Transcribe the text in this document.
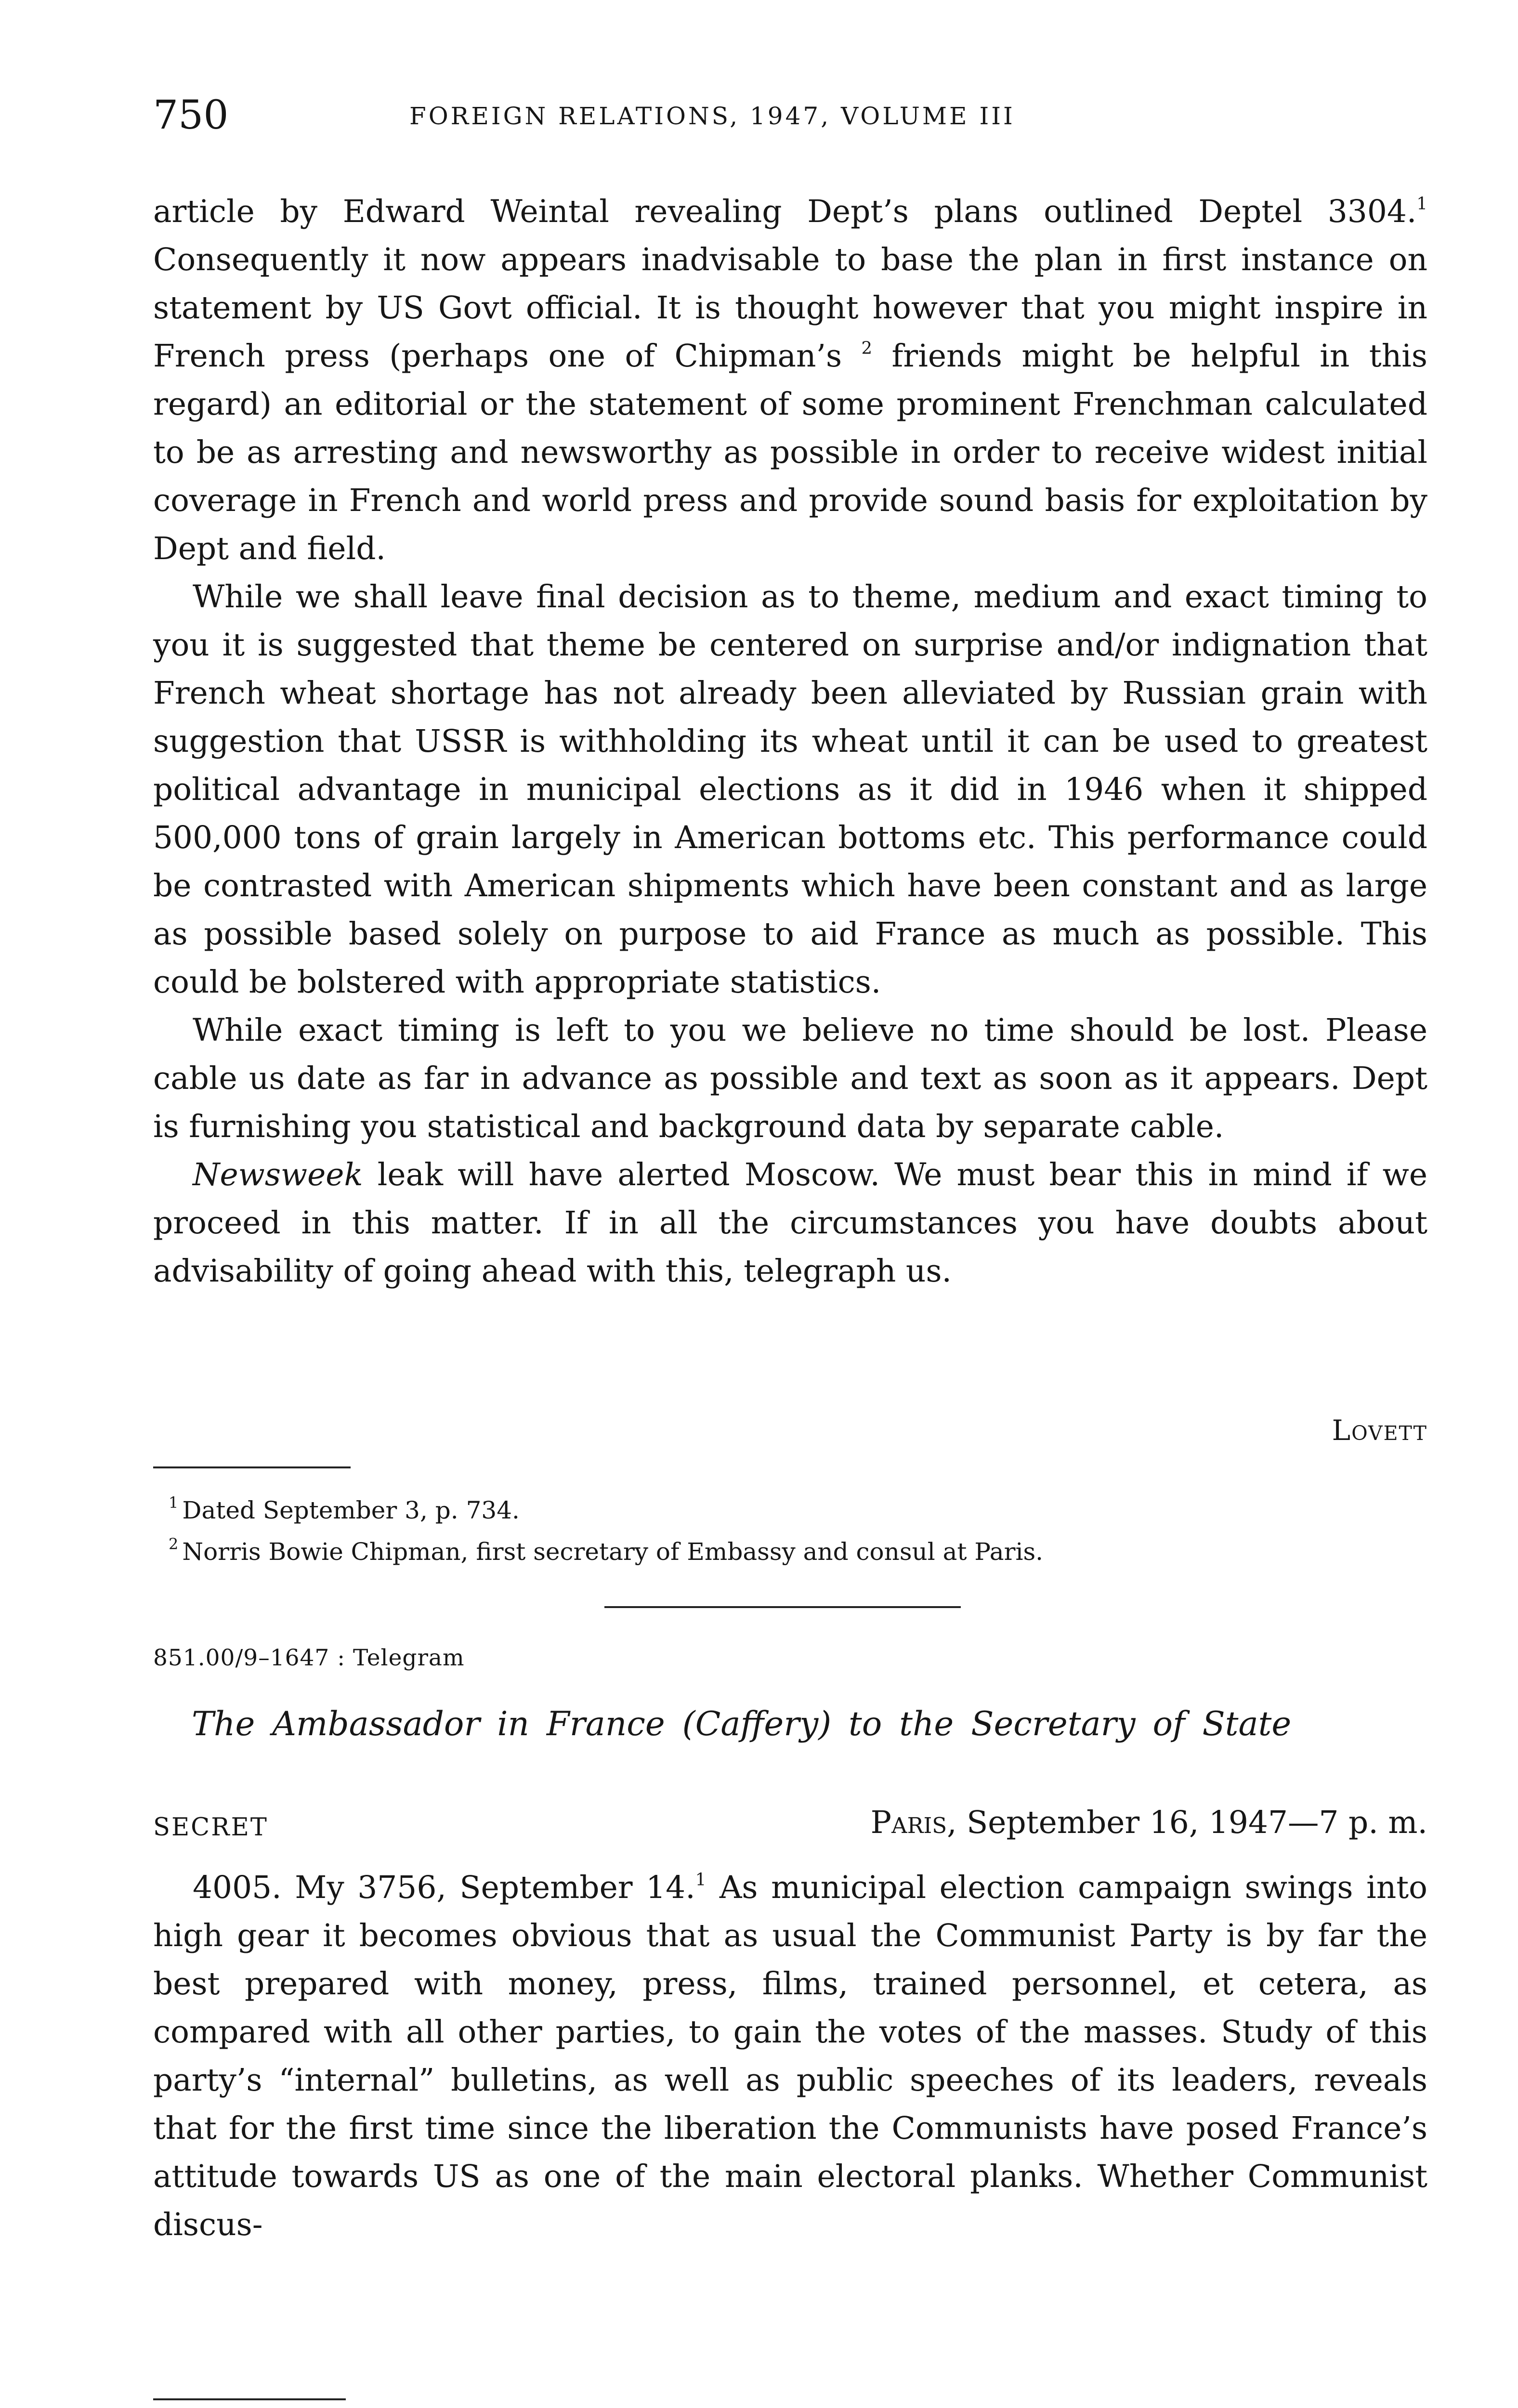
750	FOREIGN RELATIONS, 1947, VOLUME III

article by Edward Weintal revealing Dept’s plans outlined Deptel 3304.$^1$ Consequently it now appears inadvisable to base the plan in first instance on statement by US Govt official. It is thought however that you might inspire in French press (perhaps one of Chipman’s $^2$ friends might be helpful in this regard) an editorial or the statement of some prominent Frenchman calculated to be as arresting and newsworthy as possible in order to receive widest initial coverage in French and world press and provide sound basis for exploitation by Dept and field.

While we shall leave final decision as to theme, medium and exact timing to you it is suggested that theme be centered on surprise and/or indignation that French wheat shortage has not already been alleviated by Russian grain with suggestion that USSR is withholding its wheat until it can be used to greatest political advantage in municipal elections as it did in 1946 when it shipped 500,000 tons of grain largely in American bottoms etc. This performance could be contrasted with American shipments which have been constant and as large as possible based solely on purpose to aid France as much as possible. This could be bolstered with appropriate statistics.

While exact timing is left to you we believe no time should be lost. Please cable us date as far in advance as possible and text as soon as it appears. Dept is furnishing you statistical and background data by separate cable.

Newsweek leak will have alerted Moscow. We must bear this in mind if we proceed in this matter. If in all the circumstances you have doubts about advisability of going ahead with this, telegraph us.

Lovett
$^1$ Dated September 3, p. 734.
$^2$ Norris Bowie Chipman, first secretary of Embassy and consul at Paris.
851.00/9–1647 : Telegram
The Ambassador in France (Caffery) to the Secretary of State
SECRET	Paris, September 16, 1947—7 p. m.

4005. My 3756, September 14.$^1$ As municipal election campaign swings into high gear it becomes obvious that as usual the Communist Party is by far the best prepared with money, press, films, trained personnel, et cetera, as compared with all other parties, to gain the votes of the masses. Study of this party’s “internal” bulletins, as well as public speeches of its leaders, reveals that for the first time since the liberation the Communists have posed France’s attitude towards US as one of the main electoral planks. Whether Communist discus-
